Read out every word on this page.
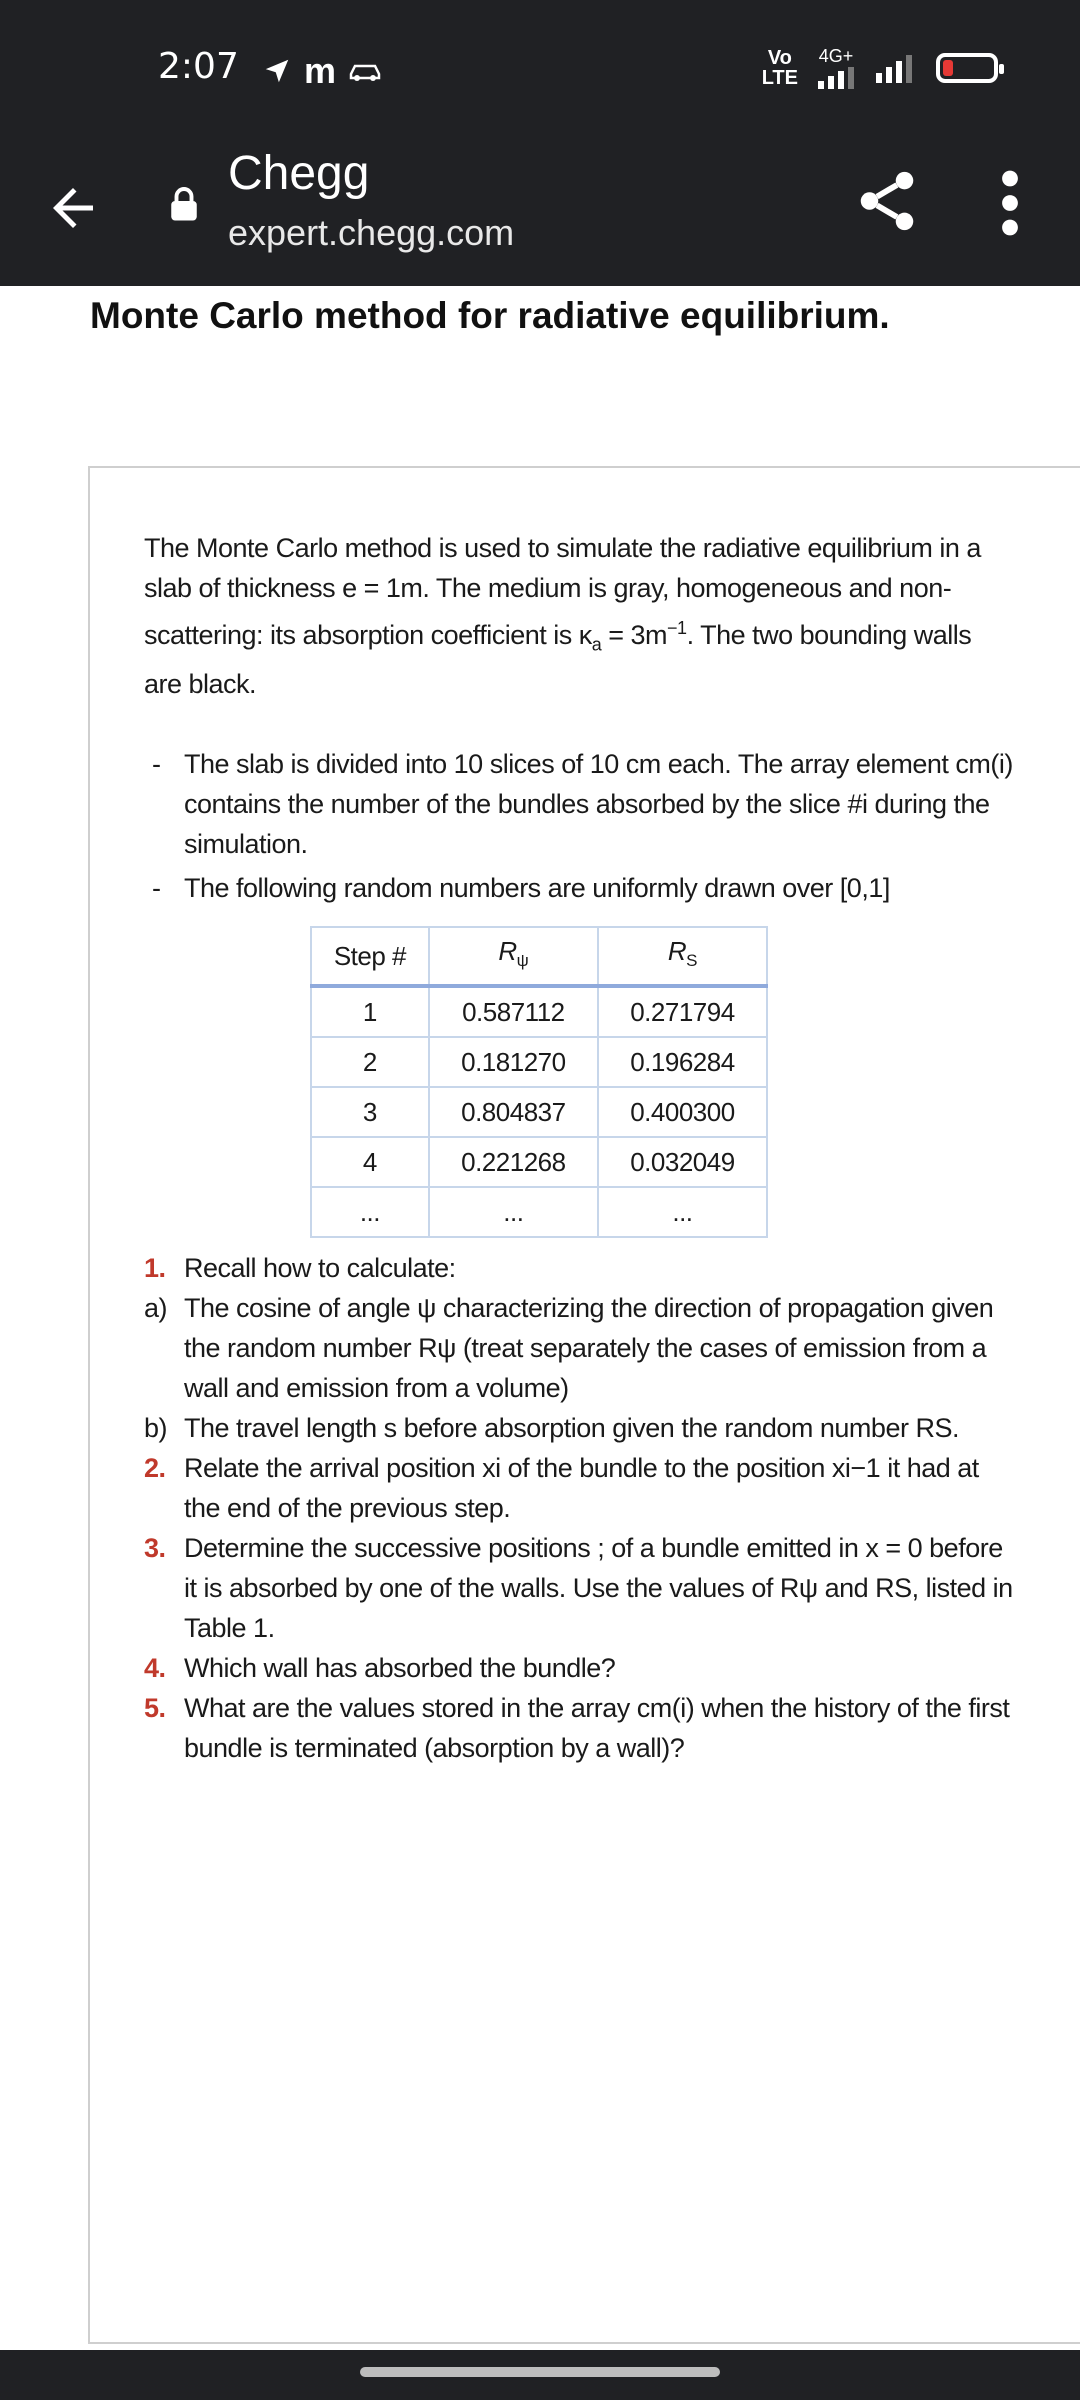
2:07 m	Vo
LTE
4G+
Chegg
expert.chegg.com
Monte Carlo method for radiative equilibrium.

The Monte Carlo method is used to simulate the radiative equilibrium in a slab of thickness e = 1m. The medium is gray, homogeneous and non-scattering: its absorption coefficient is $\kappa_a = 3m^{-1}$. The two bounding walls are black.

- The slab is divided into 10 slices of 10 cm each. The array element cm(i) contains the number of the bundles absorbed by the slice #i during the simulation.
- The following random numbers are uniformly drawn over [0,1]
Step #	$R_\psi$	$R_S$
1	0.587112	0.271794
2	0.181270	0.196284
3	0.804837	0.400300
4	0.221268	0.032049
...	...	...
1. Recall how to calculate:
a) The cosine of angle ψ characterizing the direction of propagation given the random number Rψ (treat separately the cases of emission from a wall and emission from a volume)
b) The travel length s before absorption given the random number RS.
2. Relate the arrival position xi of the bundle to the position xi−1 it had at the end of the previous step.
3. Determine the successive positions ; of a bundle emitted in x = 0 before it is absorbed by one of the walls. Use the values of Rψ and RS, listed in Table 1.
4. Which wall has absorbed the bundle?
5. What are the values stored in the array cm(i) when the history of the first bundle is terminated (absorption by a wall)?
